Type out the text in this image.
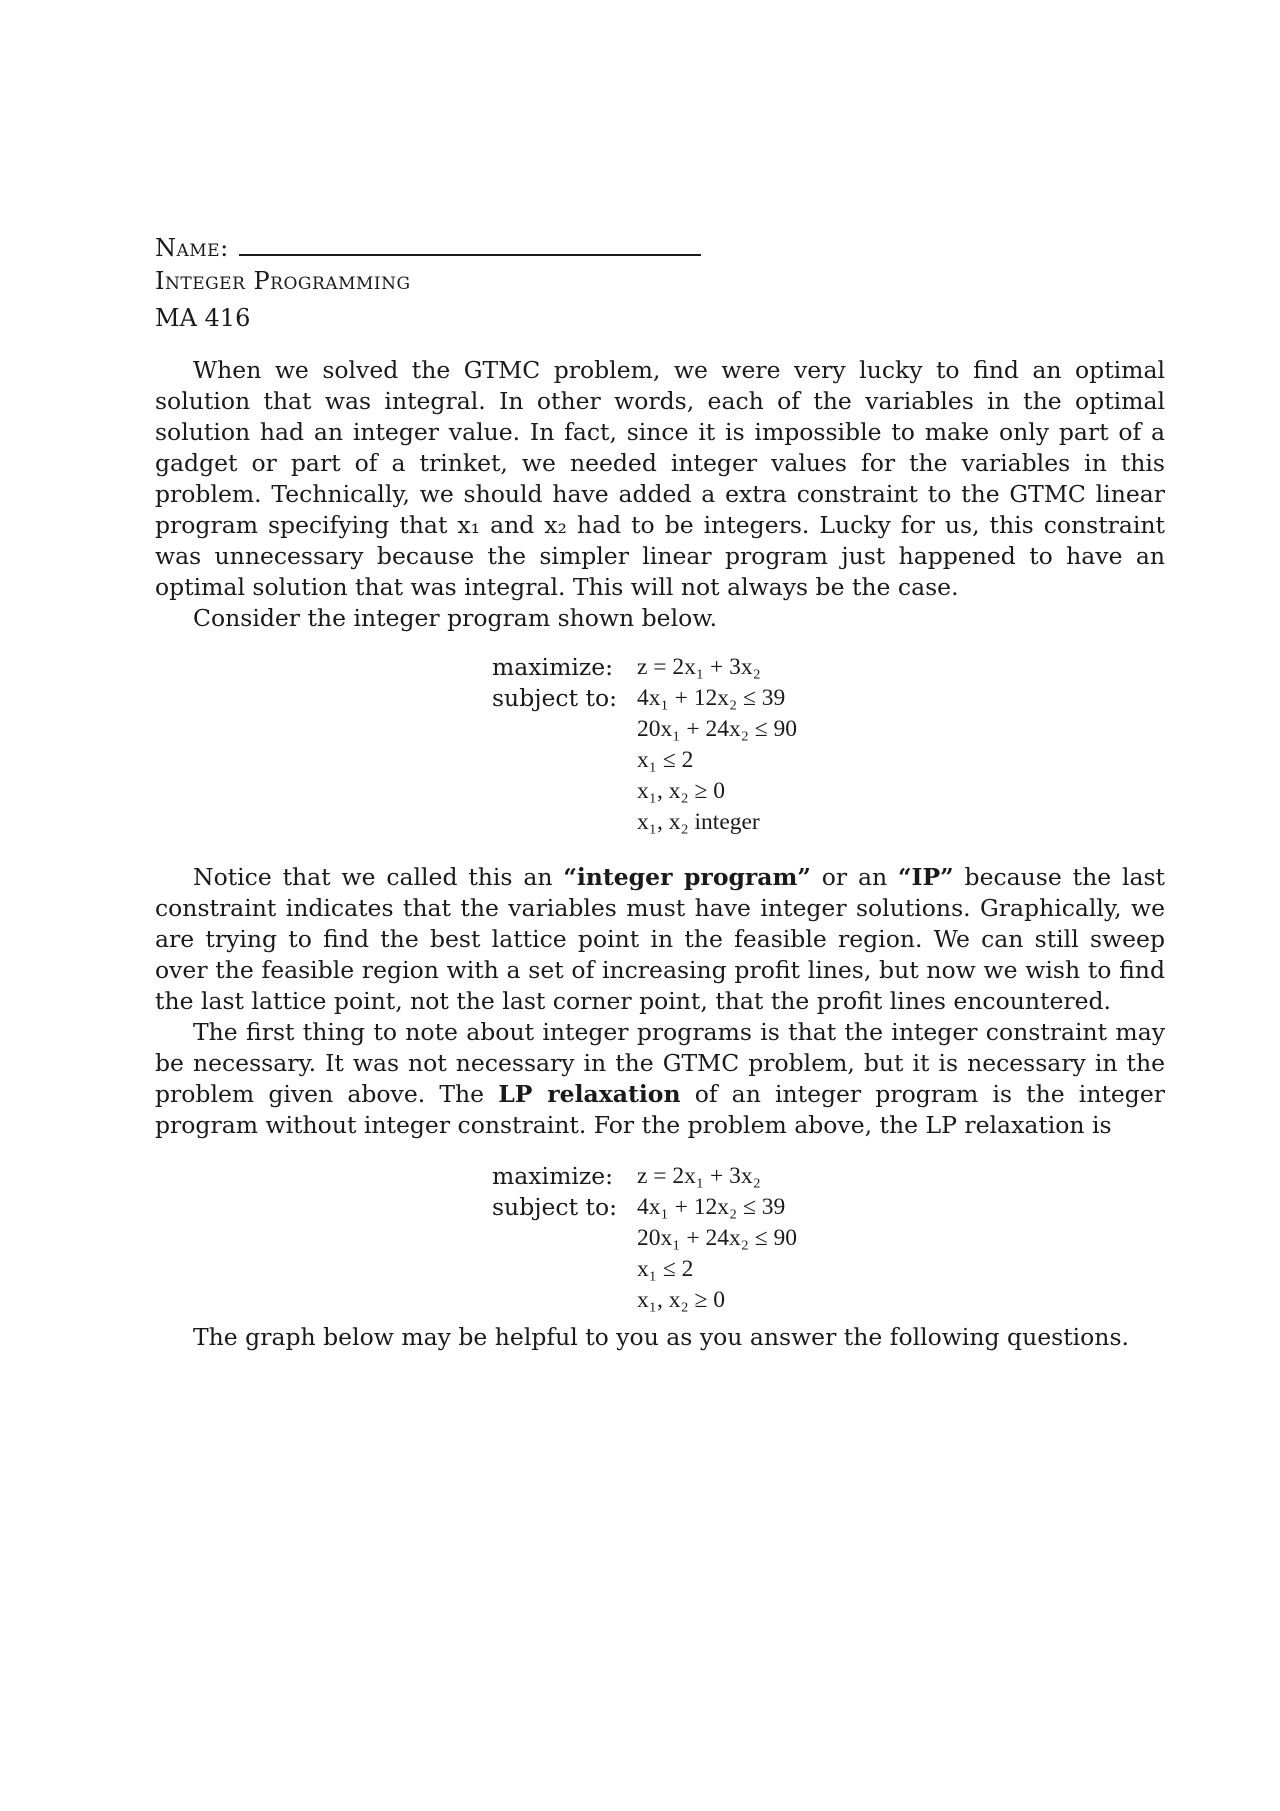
Name:
Integer Programming
MA 416

When we solved the GTMC problem, we were very lucky to find an optimal solution that was integral. In other words, each of the variables in the optimal solution had an integer value. In fact, since it is impossible to make only part of a gadget or part of a trinket, we needed integer values for the variables in this problem. Technically, we should have added a extra constraint to the GTMC linear program specifying that x₁ and x₂ had to be integers. Lucky for us, this constraint was unnecessary because the simpler linear program just happened to have an optimal solution that was integral. This will not always be the case.

Consider the integer program shown below.

maximize:	z = 2x₁ + 3x₂
subject to: 4x₁ + 12x₂ ≤ 39
20x₁ + 24x₂ ≤ 90
x₁ ≤ 2
x₁, x₂ ≥ 0
x₁, x₂ integer

Notice that we called this an “integer program” or an “IP” because the last constraint indicates that the variables must have integer solutions. Graphically, we are trying to find the best lattice point in the feasible region. We can still sweep over the feasible region with a set of increasing profit lines, but now we wish to find the last lattice point, not the last corner point, that the profit lines encountered.

The first thing to note about integer programs is that the integer constraint may be necessary. It was not necessary in the GTMC problem, but it is necessary in the problem given above. The LP relaxation of an integer program is the integer program without integer constraint. For the problem above, the LP relaxation is

maximize:	z = 2x₁ + 3x₂
subject to: 4x₁ + 12x₂ ≤ 39
20x₁ + 24x₂ ≤ 90
x₁ ≤ 2
x₁, x₂ ≥ 0

The graph below may be helpful to you as you answer the following questions.
